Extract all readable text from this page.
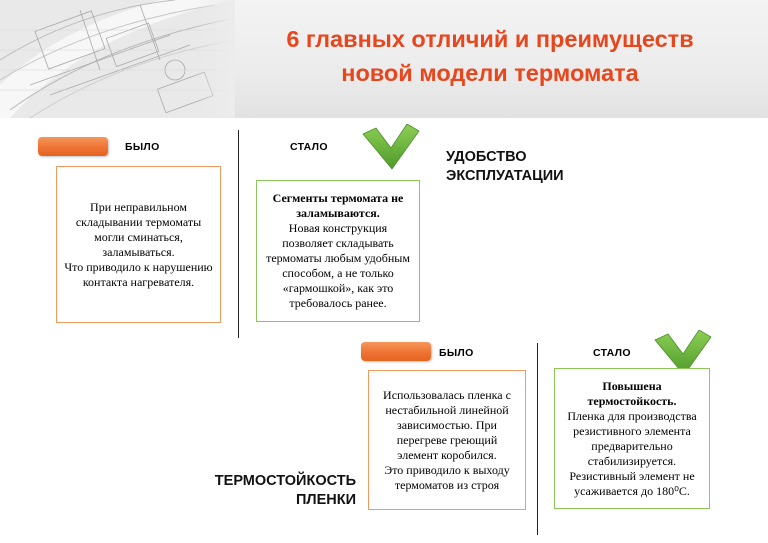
6 главных отличий и преимуществ
новой модели термомата
БЫЛО	СТАЛО
УДОБСТВО
ЭКСПЛУАТАЦИИ
При неправильном складывании термоматы могли сминаться, заламываться.
Что приводило к нарушению контакта нагревателя.
Сегменты термомата не заламываются.
Новая конструкция позволяет складывать термоматы любым удобным способом, а не только «гармошкой», как это требовалось ранее.
БЫЛО	СТАЛО
Использовалась пленка с нестабильной линейной зависимостью. При перегреве греющий элемент коробился.
Это приводило к выходу термоматов из строя
Повышена термостойкость.
Пленка для производства резистивного элемента предварительно стабилизируется.
Резистивный элемент не усаживается до 180⁰С.
ТЕРМОСТОЙКОСТЬ
ПЛЕНКИ
